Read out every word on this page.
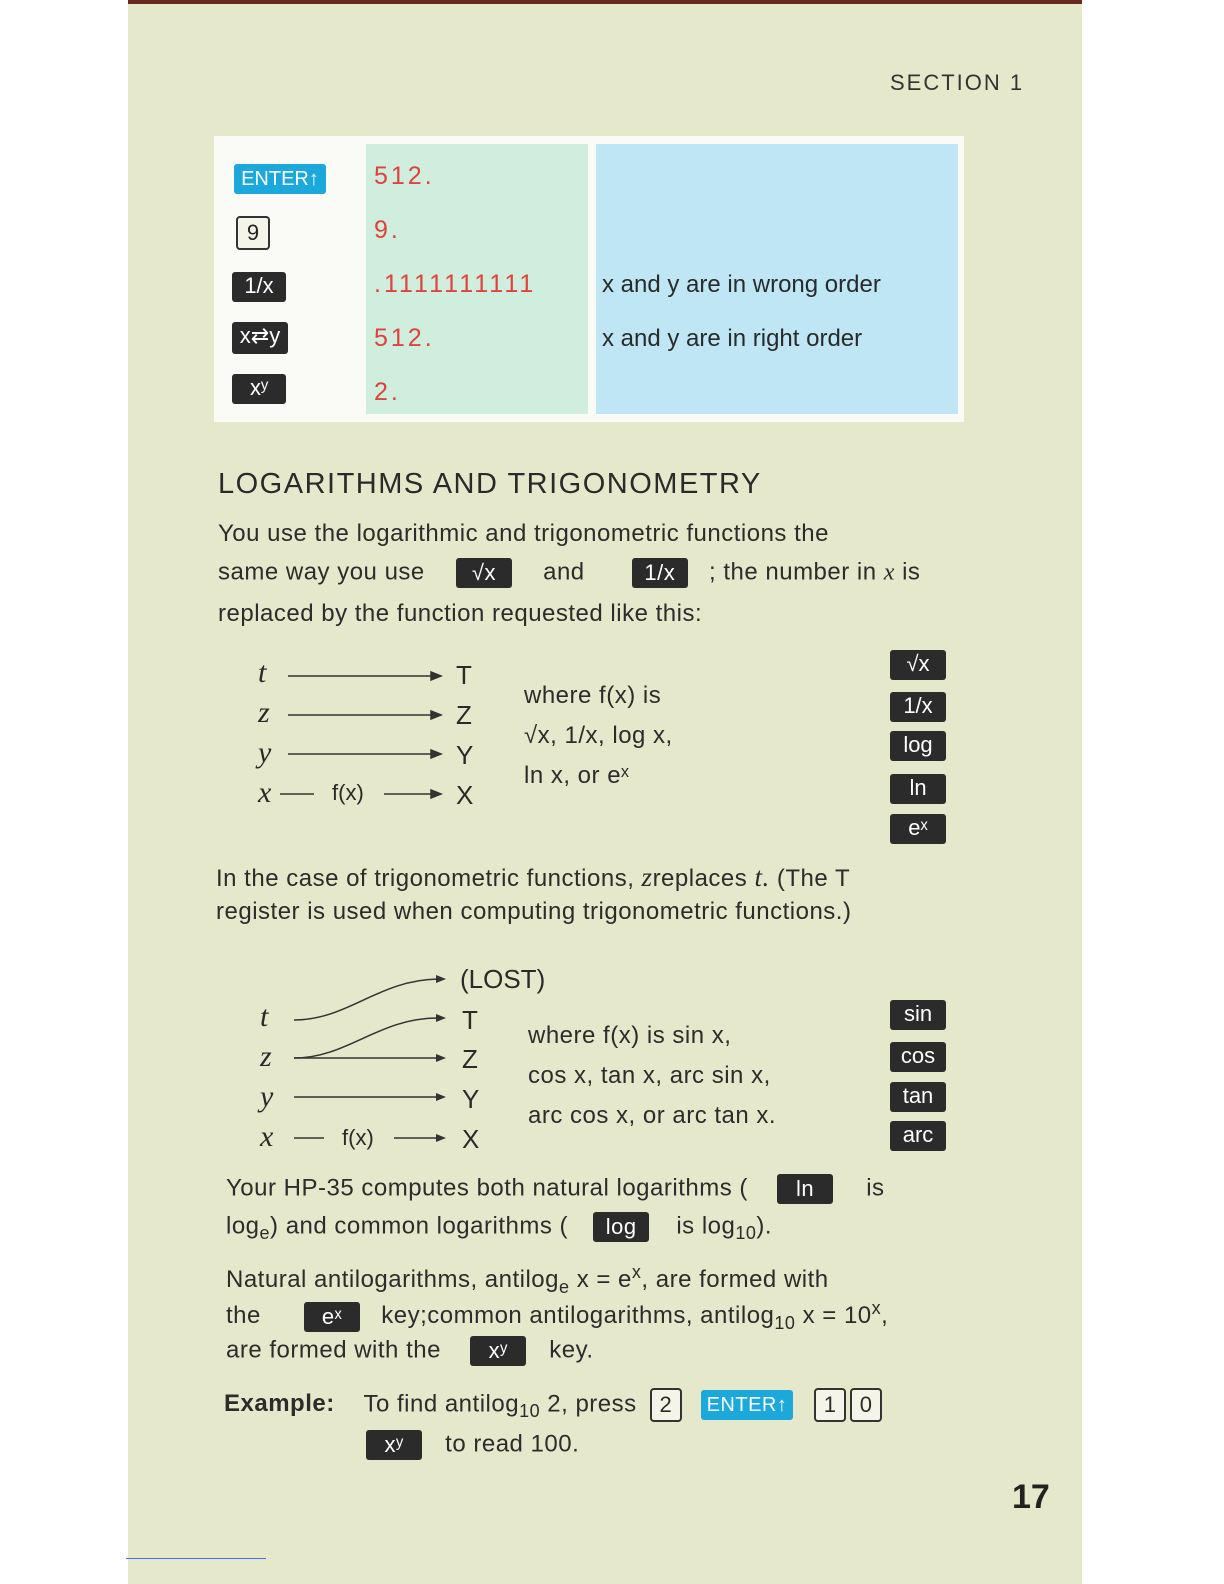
SECTION 1
ENTER↑ 512.
9	9.
1/x	.1111111111	x and y are in wrong order
x⇄y	512.	x and y are in right order
xʸ	2.
LOGARITHMS AND TRIGONOMETRY
You use the logarithmic and trigonometric functions the
same way you use √x and	1/x ; the number in x is
replaced by the function requested like this:
t
z
y
x	f(x)
T
Z
Y
X
where f(x) is
√x, 1/x, log x,
ln x, or eˣ
√x
1/x
log
ln
eˣ
In the case of trigonometric functions, zreplaces t. (The T
register is used when computing trigonometric functions.)
(LOST)
t
z
y
x	f(x)
T
Z
Y
X
where f(x) is sin x,
cos x, tan x, arc sin x,
arc cos x, or arc tan x.
sin
cos
tan
arc
Your HP-35 computes both natural logarithms ( ln is
$\log_e$) and common logarithms ( log is $\log_{10}$).
Natural antilogarithms, antilog$_e$ $x = e^x$, are formed with
the	eˣ key;common antilogarithms, antilog$_{10}$ $x = 10^x$,
are formed with the xʸ key.
Example: To find antilog$_{10}$ 2, press 2 ENTER↑ 1 0
xʸ to read 100.
17
